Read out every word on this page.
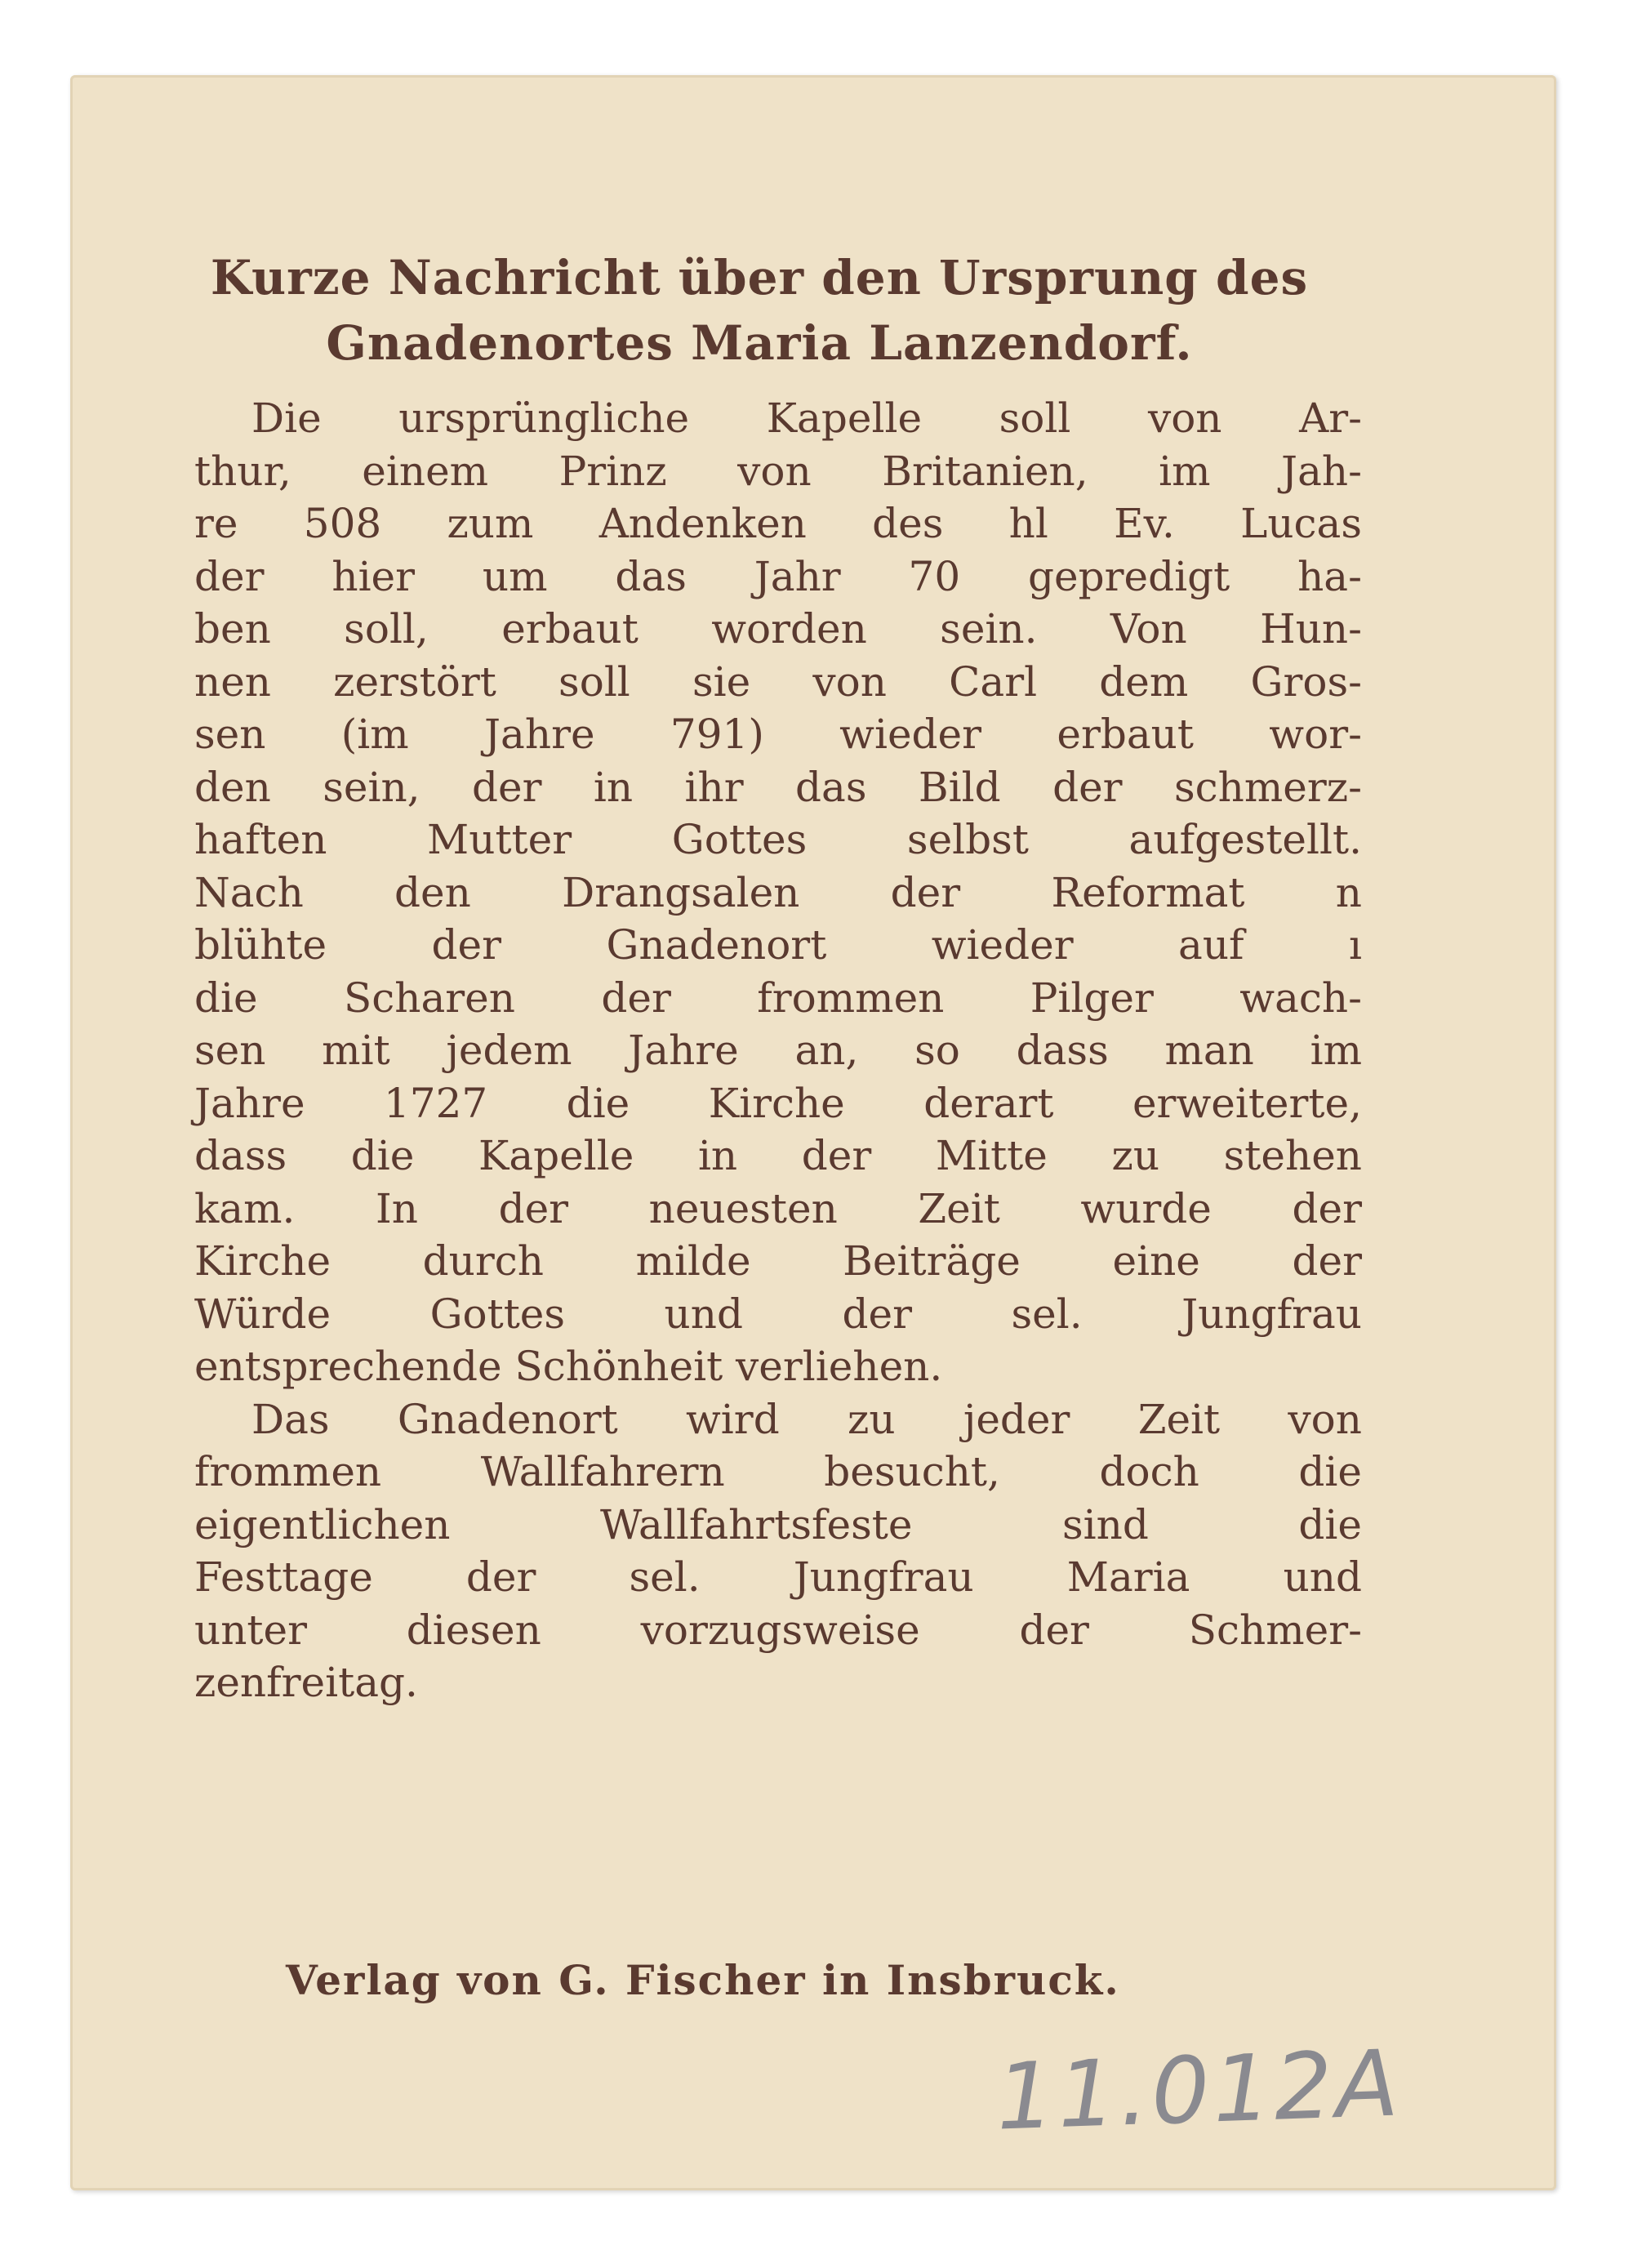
Kurze Nachricht über den Ursprung des
Gnadenortes Maria Lanzendorf.
Die ursprüngliche Kapelle soll von Ar-
thur, einem Prinz von Britanien, im Jah-
re 508 zum Andenken des hl Ev. Lucas
der hier um das Jahr 70 gepredigt ha-
ben soll, erbaut worden sein. Von Hun-
nen zerstört soll sie von Carl dem Gros-
sen (im Jahre 791) wieder erbaut wor-
den sein, der in ihr das Bild der schmerz-
haften Mutter Gottes selbst aufgestellt.
Nach den Drangsalen der Reformat n
blühte der Gnadenort wieder auf ı
die Scharen der frommen Pilger wach-
sen mit jedem Jahre an, so dass man im
Jahre 1727 die Kirche derart erweiterte,
dass die Kapelle in der Mitte zu stehen
kam. In der neuesten Zeit wurde der
Kirche durch milde Beiträge eine der
Würde Gottes und der sel. Jungfrau
entsprechende Schönheit verliehen.
Das Gnadenort wird zu jeder Zeit von
frommen Wallfahrern besucht, doch die
eigentlichen Wallfahrtsfeste sind die
Festtage der sel. Jungfrau Maria und
unter diesen vorzugsweise der Schmer-
zenfreitag.
Verlag von G. Fischer in Insbruck.
11.012A
